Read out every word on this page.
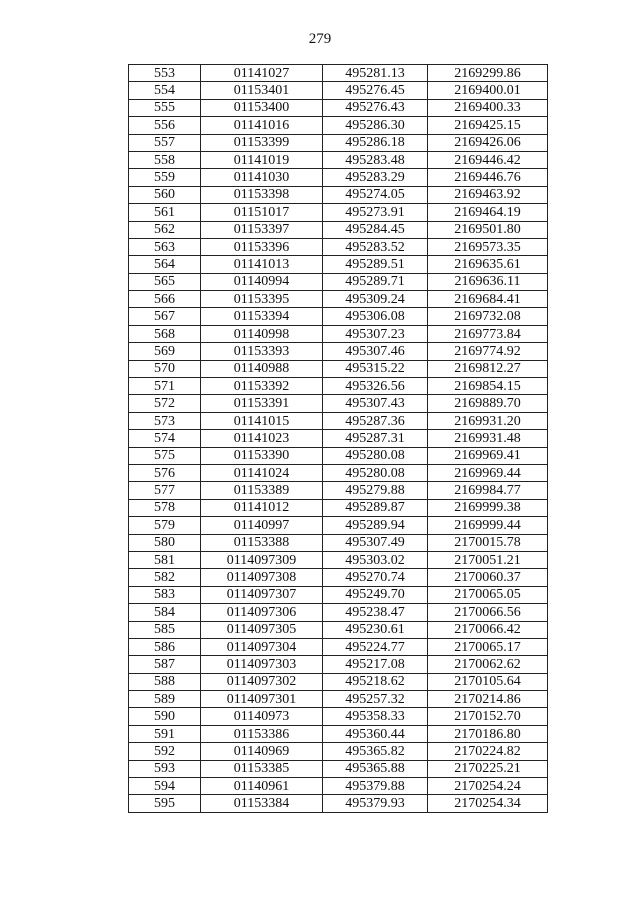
279
553	01141027	495281.13	2169299.86
554	01153401	495276.45	2169400.01
555	01153400	495276.43	2169400.33
556	01141016	495286.30	2169425.15
557	01153399	495286.18	2169426.06
558	01141019	495283.48	2169446.42
559	01141030	495283.29	2169446.76
560	01153398	495274.05	2169463.92
561	01151017	495273.91	2169464.19
562	01153397	495284.45	2169501.80
563	01153396	495283.52	2169573.35
564	01141013	495289.51	2169635.61
565	01140994	495289.71	2169636.11
566	01153395	495309.24	2169684.41
567	01153394	495306.08	2169732.08
568	01140998	495307.23	2169773.84
569	01153393	495307.46	2169774.92
570	01140988	495315.22	2169812.27
571	01153392	495326.56	2169854.15
572	01153391	495307.43	2169889.70
573	01141015	495287.36	2169931.20
574	01141023	495287.31	2169931.48
575	01153390	495280.08	2169969.41
576	01141024	495280.08	2169969.44
577	01153389	495279.88	2169984.77
578	01141012	495289.87	2169999.38
579	01140997	495289.94	2169999.44
580	01153388	495307.49	2170015.78
581	0114097309	495303.02	2170051.21
582	0114097308	495270.74	2170060.37
583	0114097307	495249.70	2170065.05
584	0114097306	495238.47	2170066.56
585	0114097305	495230.61	2170066.42
586	0114097304	495224.77	2170065.17
587	0114097303	495217.08	2170062.62
588	0114097302	495218.62	2170105.64
589	0114097301	495257.32	2170214.86
590	01140973	495358.33	2170152.70
591	01153386	495360.44	2170186.80
592	01140969	495365.82	2170224.82
593	01153385	495365.88	2170225.21
594	01140961	495379.88	2170254.24
595	01153384	495379.93	2170254.34
